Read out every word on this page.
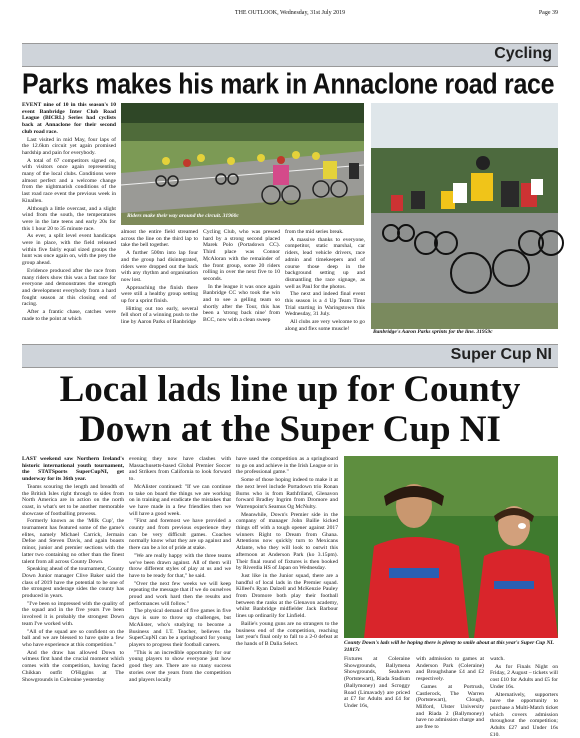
THE OUTLOOK, Wednesday, 31st July 2019	Page 39
Cycling
Parks makes his mark in Annaclone road race

EVENT nine of 10 in this season's 10 event Banbridge Inter Club Road League (BICRL) Series had cyclists back at Annaclone for their second club road race.

Last visited in mid May, four laps of the 12.6km circuit yet again promised hardship and pain for everybody.

A total of 67 competitors signed on, with visitors once again representing many of the local clubs. Conditions were almost perfect and a welcome change from the nightmarish conditions of the last road race event the previous week in Kinallen.

Although a little overcast, and a slight wind from the south, the temperatures were in the late teens and early 20s for this 1 hour 20 to 35 minute race.

As ever, a split level event handicaps were in place, with the field released within five fairly equal sized groups the hunt was once again on, with the prey the group ahead.

Evidence produced after the race from many riders show this was a fast race for everyone and demonstrates the strength and development everybody from a hard fought season at this closing end of racing.

After a frantic chase, catches were made to the point at which

Riders make their way around the circuit. 31960c
Banbridge's Aaron Parks sprints for the line. 31959c

almost the entire field streamed across the line on the third lap to take the bell together.

A further 500m into lap four and the group had disintegrated, riders were dropped out the back with any rhythm and organisation now lost.

Approaching the finish there were still a healthy group setting up for a sprint finish.

Hitting out too early, several fell short of a winning push to the line by Aaron Parks of Banbridge

Cycling Club, who was pressed hard by a strong second placed Marek Polo (Portadown CC). Third place was Connor McAloran with the remainder of the front group, some 20 riders rolling in over the next five to 10 seconds.

In the league it was once again Banbridge CC who took the win and to see a gelling team so shortly after the Tour, this has been a 'strong back nine' from BCC, now with a clean sweep

from the mid series break.

A massive thanks to everyone, competitor, static marshal, car riders, lead vehicle drivers, race admin and timekeepers and of course those deep in the background setting up and dismantling the race signage, as well as Paul for the photos.

The next and indeed final event this season is a 4 Up Team Time Trial starting in Waringstown this Wednesday, 31 July.

All clubs are very welcome to go along and flex some muscle!

Super Cup NI
Local lads line up for County Down at the Super Cup NI

LAST weekend saw Northern Ireland's historic international youth tournament, the STATSports SuperCupNI, get underway for its 36th year.

Teams scouring the length and breadth of the British Isles right through to sides from North America are in action on the north coast, in what's set to be another memorable showcase of footballing prowess.

Formerly known as the 'Milk Cup', the tournament has featured some of the game's elites, namely Michael Carrick, Jermain Defoe and Steven Davis, and again boasts minor, junior and premier sections with the latter two containing no other than the finest talent from all across County Down.

Speaking ahead of the tournament, County Down Junior manager Clive Baker said the class of 2019 have the potential to be one of the strongest underage sides the county has produced in years.

"I've been so impressed with the quality of the squad and in the five years I've been involved it is probably the strongest Down team I've worked with.

"All of the squad are so confident on the ball and we are blessed to have quite a few who have experience at this competition."

And the draw has allowed Down to witness first hand the crucial moment which comes with the competition, having faced Chikkan outfit O'Higgins at The Showgrounds in Coleraine yesterday

evening they now have clashes with Massachusetts-based Global Premier Soccer and Strikers from California to look forward to.

McAlister continued: "If we can continue to take on board the things we are working on in training and eradicate the mistakes that we have made in a few friendlies then we will have a good week.

"First and foremost we have provided a county and from previous experience they can be very difficult games. Coaches normally know what they are up against and there can be a lot of pride at stake.

"We are really happy with the three teams we've been drawn against. All of them will throw different styles of play at us and we have to be ready for that," he said.

"Over the next few weeks we will keep repeating the message that if we do ourselves proud and work hard then the results and performances will follow."

The physical demand of five games in five days is sure to throw up challenges, but McAlister, who's studying to become a Business and I.T. Teacher, believes the SuperCupNI can be a springboard for young players to progress their football careers.

"This is an incredible opportunity for our young players to show everyone just how good they are. There are so many success stories over the years from the competition and players locally

have used the competition as a springboard to go on and achieve in the Irish League or in the professional game."

Some of those hoping indeed to make it at the next level include Portadown trio Ronan Burns who is from Rathfriland, Glenavon forward Bradley Ingrim from Dromore and Warrenpoint's Seamus Og McNulty.

Meanwhile, Down's Premier side in the company of manager John Bailie kicked things off with a tough opener against 2017 winners Right to Dream from Ghana. Attentions now quickly turn to Mexicans Atlante, who they will look to outwit this afternoon at Anderson Park (ko 3.15pm). Their final round of fixtures is then booked by Riverdia HS of Japan on Wednesday.

Just like in the Junior squad, there are a handful of local lads in the Premier squad. Killeel's Ryan Dalzell and McKenzie Pauley from Dromore both play their football between the ranks at the Glenavon academy, whilst Banbridge midfielder Jack Barbour lines up ordinarily for Linfield.

Bailie's young guns are no strangers to the business end of the competition, reaching last year's final only to fall to a 2-0 defeat at the hands of B Dalia Select.	County Down's lads will be hoping there is plenty to smile about at this year's Super Cup NI. 31817c

Fixtures at Coleraine Showgrounds, Ballymena Showgrounds, Seahaven (Portstewart), Riada Stadium (Ballymoney) and Scroggy Road (Limavady) are priced at £7 for Adults and £4 for Under 16s,

with admission to games at Anderson Park (Coleraine) and Broughshane £4 and £2 respectively.

Games at Portrush, Castlerock, The Warren (Portstewart), Clough, Milford, Ulster University and Riada 2 (Ballymoney) have no admission charge and are free to

watch.

As for Finals Night on Friday, 2 August – tickets will cost £10 for Adults and £5 for Under 16s.

Alternatively, supporters have the opportunity to purchase a Multi-Match ticket which covers admission throughout the competition; Adults £27 and Under 16s £10.
